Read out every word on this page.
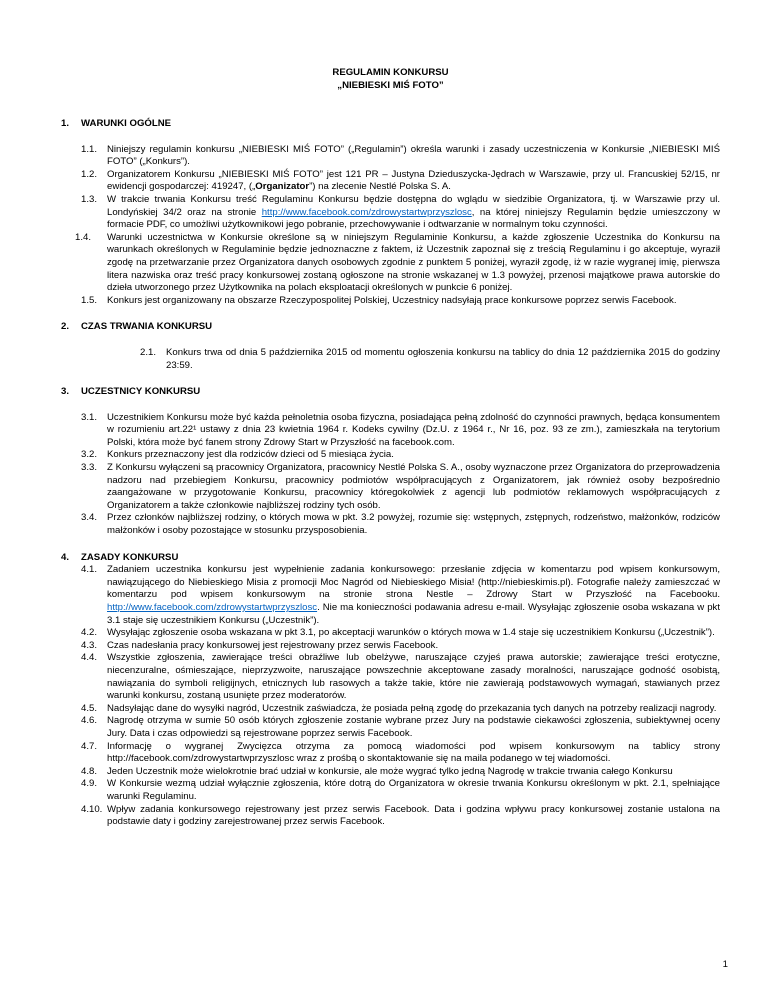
REGULAMIN KONKURSU
„NIEBIESKI MIŚ FOTO”
1.	WARUNKI OGÓLNE
1.1.	Niniejszy regulamin konkursu „NIEBIESKI MIŚ FOTO” („Regulamin”) określa warunki i zasady uczestniczenia w Konkursie „NIEBIESKI MIŚ FOTO” („Konkurs”).
1.2.	Organizatorem Konkursu „NIEBIESKI MIŚ FOTO” jest 121 PR – Justyna Dzieduszycka-Jędrach w Warszawie, przy ul. Francuskiej 52/15, nr ewidencji gospodarczej: 419247, („Organizator”) na zlecenie Nestlé Polska S. A.
1.3.	W trakcie trwania Konkursu treść Regulaminu Konkursu będzie dostępna do wglądu w siedzibie Organizatora, tj. w Warszawie przy ul. Londyńskiej 34/2 oraz na stronie http://www.facebook.com/zdrowystartwprzyszlosc, na której niniejszy Regulamin będzie umieszczony w formacie PDF, co umożliwi użytkownikowi jego pobranie, przechowywanie i odtwarzanie w normalnym toku czynności.
1.4.	Warunki uczestnictwa w Konkursie określone są w niniejszym Regulaminie Konkursu, a każde zgłoszenie Uczestnika do Konkursu na warunkach określonych w Regulaminie będzie jednoznaczne z faktem, iż Uczestnik zapoznał się z treścią Regulaminu i go akceptuje, wyraził zgodę na przetwarzanie przez Organizatora danych osobowych zgodnie z punktem 5 poniżej, wyraził zgodę, iż w razie wygranej imię, pierwsza litera nazwiska oraz treść pracy konkursowej zostaną ogłoszone na stronie wskazanej w 1.3 powyżej, przenosi majątkowe prawa autorskie do dzieła utworzonego przez Użytkownika na polach eksploatacji określonych w punkcie 6 poniżej.
1.5.	Konkurs jest organizowany na obszarze Rzeczypospolitej Polskiej, Uczestnicy nadsyłają prace konkursowe poprzez serwis Facebook.
2.	CZAS TRWANIA KONKURSU
2.1.	Konkurs trwa od dnia 5 października 2015 od momentu ogłoszenia konkursu na tablicy do dnia 12 października 2015 do godziny 23:59.
3.	UCZESTNICY KONKURSU
3.1.	Uczestnikiem Konkursu może być każda pełnoletnia osoba fizyczna, posiadająca pełną zdolność do czynności prawnych, będąca konsumentem w rozumieniu art.22¹ ustawy z dnia 23 kwietnia 1964 r. Kodeks cywilny (Dz.U. z 1964 r., Nr 16, poz. 93 ze zm.), zamieszkała na terytorium Polski, która może być fanem strony Zdrowy Start w Przyszłość na facebook.com.
3.2.	Konkurs przeznaczony jest dla rodziców dzieci od 5 miesiąca życia.
3.3.	Z Konkursu wyłączeni są pracownicy Organizatora, pracownicy Nestlé Polska S. A., osoby wyznaczone przez Organizatora do przeprowadzenia nadzoru nad przebiegiem Konkursu, pracownicy podmiotów współpracujących z Organizatorem, jak również osoby bezpośrednio zaangażowane w przygotowanie Konkursu, pracownicy któregokolwiek z agencji lub podmiotów reklamowych współpracujących z Organizatorem a także członkowie najbliższej rodziny tych osób.
3.4.	Przez członków najbliższej rodziny, o których mowa w pkt. 3.2 powyżej, rozumie się: wstępnych, zstępnych, rodzeństwo, małżonków, rodziców małżonków i osoby pozostające w stosunku przysposobienia.
4.	ZASADY KONKURSU
4.1.	Zadaniem uczestnika konkursu jest wypełnienie zadania konkursowego: przesłanie zdjęcia w komentarzu pod wpisem konkursowym, nawiązującego do Niebieskiego Misia z promocji Moc Nagród od Niebieskiego Misia! (http://niebieskimis.pl). Fotografie należy zamieszczać w komentarzu pod wpisem konkursowym na stronie strona Nestle – Zdrowy Start w Przyszłość na Facebooku. http://www.facebook.com/zdrowystartwprzyszlosc. Nie ma konieczności podawania adresu e-mail. Wysyłając zgłoszenie osoba wskazana w pkt 3.1 staje się uczestnikiem Konkursu („Uczestnik”).
4.2.	Wysyłając zgłoszenie osoba wskazana w pkt 3.1, po akceptacji warunków o których mowa w 1.4 staje się uczestnikiem Konkursu („Uczestnik”).
4.3.	Czas nadesłania pracy konkursowej jest rejestrowany przez serwis Facebook.
4.4.	Wszystkie zgłoszenia, zawierające treści obraźliwe lub obelżywe, naruszające czyjeś prawa autorskie; zawierające treści erotyczne, niecenzuralne, ośmieszające, nieprzyzwoite, naruszające powszechnie akceptowane zasady moralności, naruszające godność osobistą, nawiązania do symboli religijnych, etnicznych lub rasowych a także takie, które nie zawierają podstawowych wymagań, stawianych przez warunki konkursu, zostaną usunięte przez moderatorów.
4.5.	Nadsyłając dane do wysyłki nagród, Uczestnik zaświadcza, że posiada pełną zgodę do przekazania tych danych na potrzeby realizacji nagrody.
4.6.	Nagrodę otrzyma w sumie 50 osób których zgłoszenie zostanie wybrane przez Jury na podstawie ciekawości zgłoszenia, subiektywnej oceny Jury. Data i czas odpowiedzi są rejestrowane poprzez serwis Facebook.
4.7.	Informację o wygranej Zwycięzca otrzyma za pomocą wiadomości pod wpisem konkursowym na tablicy strony http://facebook.com/zdrowystartwprzyszlosc wraz z prośbą o skontaktowanie się na maila podanego w tej wiadomości.
4.8.	Jeden Uczestnik może wielokrotnie brać udział w konkursie, ale może wygrać tylko jedną Nagrodę w trakcie trwania całego Konkursu
4.9.	W Konkursie wezmą udział wyłącznie zgłoszenia, które dotrą do Organizatora w okresie trwania Konkursu określonym w pkt. 2.1, spełniające warunki Regulaminu.
4.10. Wpływ zadania konkursowego rejestrowany jest przez serwis Facebook. Data i godzina wpływu pracy konkursowej zostanie ustalona na podstawie daty i godziny zarejestrowanej przez serwis Facebook.
1
